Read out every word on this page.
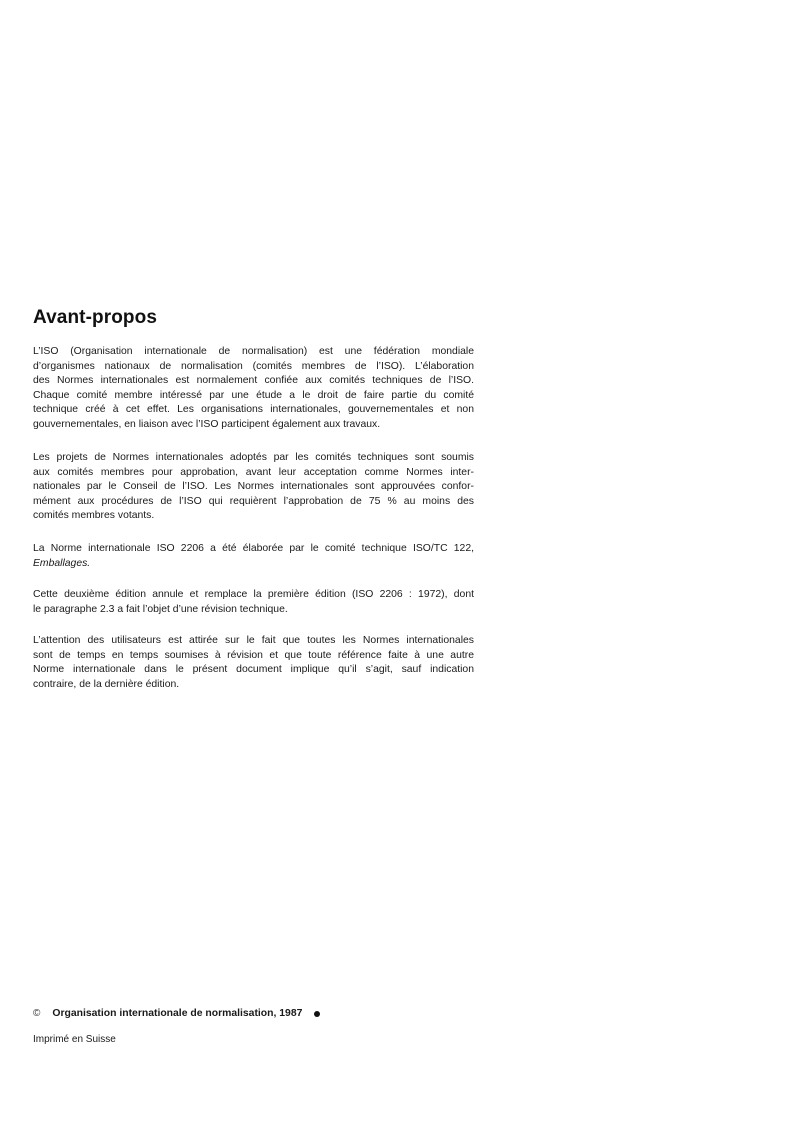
Avant-propos

L’ISO (Organisation internationale de normalisation) est une fédération mondiale
d’organismes nationaux de normalisation (comités membres de l’ISO). L’élaboration
des Normes internationales est normalement confiée aux comités techniques de l’ISO.
Chaque comité membre intéressé par une étude a le droit de faire partie du comité
technique créé à cet effet. Les organisations internationales, gouvernementales et non
gouvernementales, en liaison avec l’ISO participent également aux travaux.

Les projets de Normes internationales adoptés par les comités techniques sont soumis
aux comités membres pour approbation, avant leur acceptation comme Normes inter-
nationales par le Conseil de l’ISO. Les Normes internationales sont approuvées confor-
mément aux procédures de l’ISO qui requièrent l’approbation de 75 % au moins des
comités membres votants.

La Norme internationale ISO 2206 a été élaborée par le comité technique ISO/TC 122,
Emballages.

Cette deuxième édition annule et remplace la première édition (ISO 2206 : 1972), dont
le paragraphe 2.3 a fait l’objet d’une révision technique.

L’attention des utilisateurs est attirée sur le fait que toutes les Normes internationales
sont de temps en temps soumises à révision et que toute référence faite à une autre
Norme internationale dans le présent document implique qu’il s’agit, sauf indication
contraire, de la dernière édition.

© Organisation internationale de normalisation, 1987
Imprimé en Suisse
